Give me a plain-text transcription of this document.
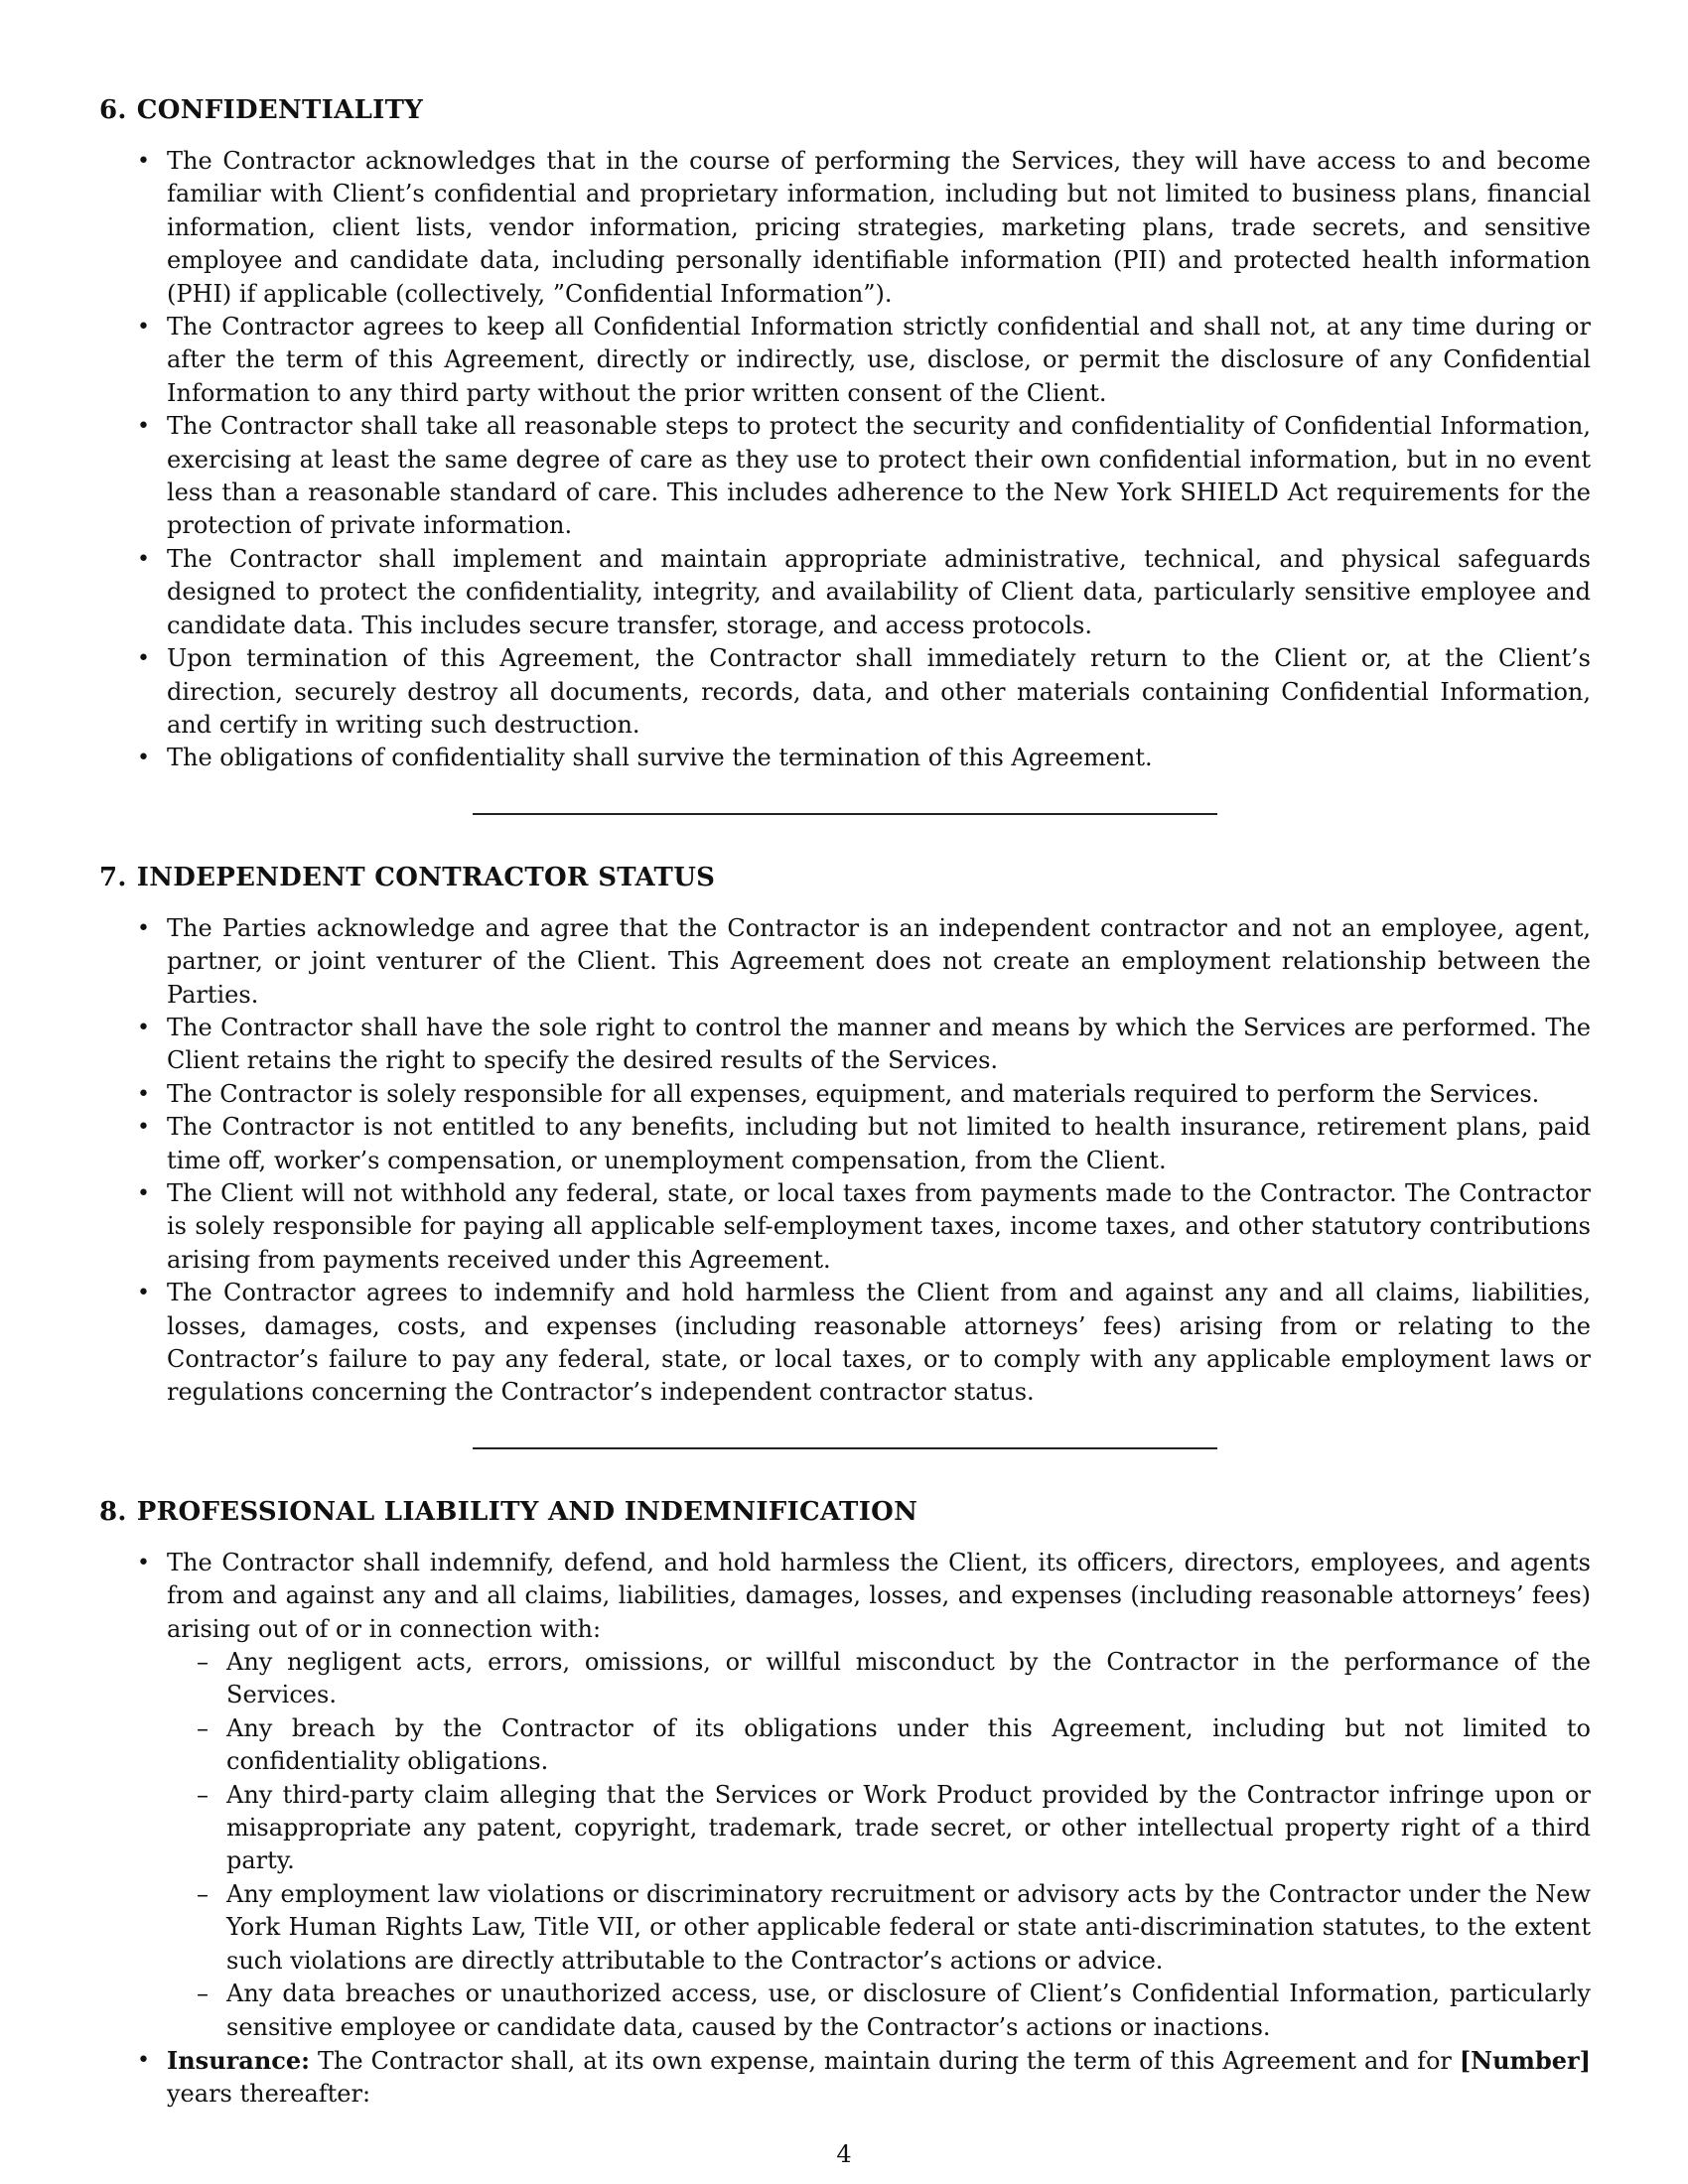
6. CONFIDENTIALITY
• The Contractor acknowledges that in the course of performing the Services, they will have access to and become familiar with Client’s confidential and proprietary information, including but not limited to business plans, financial information, client lists, vendor information, pricing strategies, marketing plans, trade secrets, and sensitive employee and candidate data, including personally identifiable information (PII) and protected health information (PHI) if applicable (collectively, ”Confidential Information”).
• The Contractor agrees to keep all Confidential Information strictly confidential and shall not, at any time during or after the term of this Agreement, directly or indirectly, use, disclose, or permit the disclosure of any Confidential Information to any third party without the prior written consent of the Client.
• The Contractor shall take all reasonable steps to protect the security and confidentiality of Confidential Information, exercising at least the same degree of care as they use to protect their own confidential information, but in no event less than a reasonable standard of care. This includes adherence to the New York SHIELD Act requirements for the protection of private information.
• The Contractor shall implement and maintain appropriate administrative, technical, and physical safeguards designed to protect the confidentiality, integrity, and availability of Client data, particularly sensitive employee and candidate data. This includes secure transfer, storage, and access protocols.
• Upon termination of this Agreement, the Contractor shall immediately return to the Client or, at the Client’s direction, securely destroy all documents, records, data, and other materials containing Confidential Information, and certify in writing such destruction.
• The obligations of confidentiality shall survive the termination of this Agreement.
7. INDEPENDENT CONTRACTOR STATUS
• The Parties acknowledge and agree that the Contractor is an independent contractor and not an employee, agent, partner, or joint venturer of the Client. This Agreement does not create an employment relationship between the Parties.
• The Contractor shall have the sole right to control the manner and means by which the Services are performed. The Client retains the right to specify the desired results of the Services.
• The Contractor is solely responsible for all expenses, equipment, and materials required to perform the Services.
• The Contractor is not entitled to any benefits, including but not limited to health insurance, retirement plans, paid time off, worker’s compensation, or unemployment compensation, from the Client.
• The Client will not withhold any federal, state, or local taxes from payments made to the Contractor. The Contractor is solely responsible for paying all applicable self-employment taxes, income taxes, and other statutory contributions arising from payments received under this Agreement.
• The Contractor agrees to indemnify and hold harmless the Client from and against any and all claims, liabilities, losses, damages, costs, and expenses (including reasonable attorneys’ fees) arising from or relating to the Contractor’s failure to pay any federal, state, or local taxes, or to comply with any applicable employment laws or regulations concerning the Contractor’s independent contractor status.
8. PROFESSIONAL LIABILITY AND INDEMNIFICATION
• The Contractor shall indemnify, defend, and hold harmless the Client, its officers, directors, employees, and agents from and against any and all claims, liabilities, damages, losses, and expenses (including reasonable attorneys’ fees) arising out of or in connection with:
– Any negligent acts, errors, omissions, or willful misconduct by the Contractor in the performance of the Services.
– Any breach by the Contractor of its obligations under this Agreement, including but not limited to confidentiality obligations.
– Any third-party claim alleging that the Services or Work Product provided by the Contractor infringe upon or misappropriate any patent, copyright, trademark, trade secret, or other intellectual property right of a third party.
– Any employment law violations or discriminatory recruitment or advisory acts by the Contractor under the New York Human Rights Law, Title VII, or other applicable federal or state anti-discrimination statutes, to the extent such violations are directly attributable to the Contractor’s actions or advice.
– Any data breaches or unauthorized access, use, or disclosure of Client’s Confidential Information, particularly sensitive employee or candidate data, caused by the Contractor’s actions or inactions.
• Insurance: The Contractor shall, at its own expense, maintain during the term of this Agreement and for [Number] years thereafter:
4
